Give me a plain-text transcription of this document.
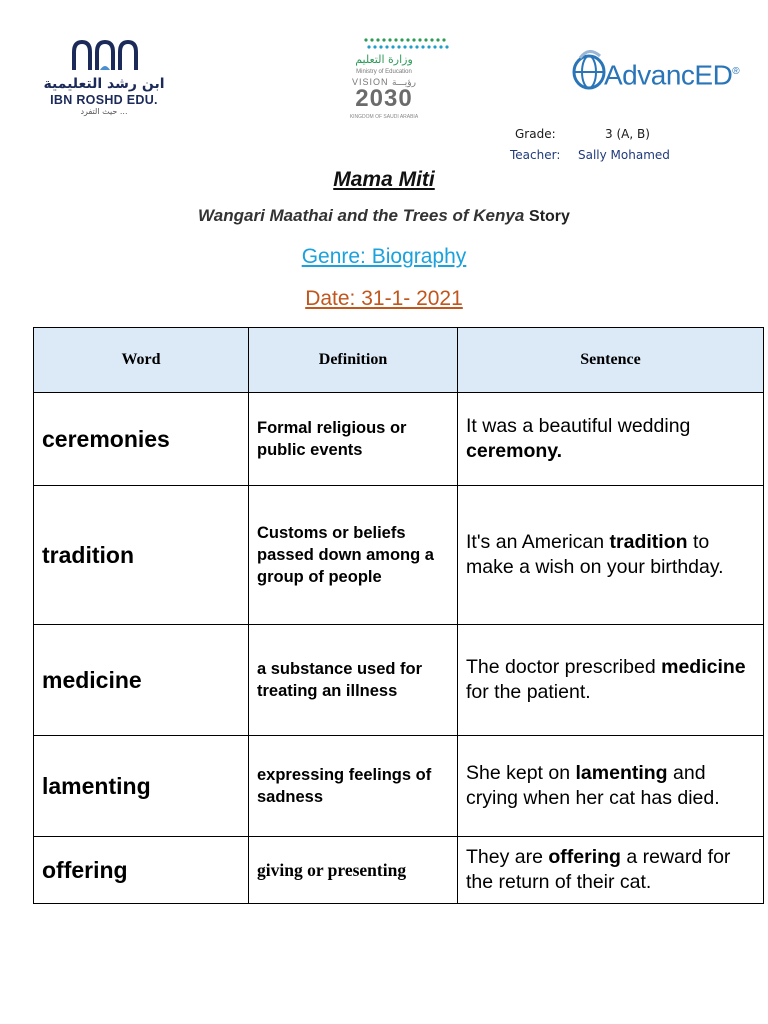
ابن رشد التعليمية
IBN ROSHD EDU.
حيث التفرد ...
وزارة التعليم
Ministry of Education
VISION رؤيـــة
2030
KINGDOM OF SAUDI ARABIA
AdvancED®
Grade:	3 (A, B)
Teacher: Sally Mohamed
Mama Miti
Wangari Maathai and the Trees of Kenya Story
Genre: Biography
Date: 31-1- 2021
Word	Definition	Sentence
ceremonies	Formal religious or public events	It was a beautiful wedding ceremony.
tradition	Customs or beliefs passed down among a group of people	It's an American tradition to make a wish on your birthday.
medicine	a substance used for treating an illness	The doctor prescribed medicine for the patient.
lamenting	expressing feelings of sadness	She kept on lamenting and crying when her cat has died.
offering	giving or presenting	They are offering a reward for the return of their cat.
